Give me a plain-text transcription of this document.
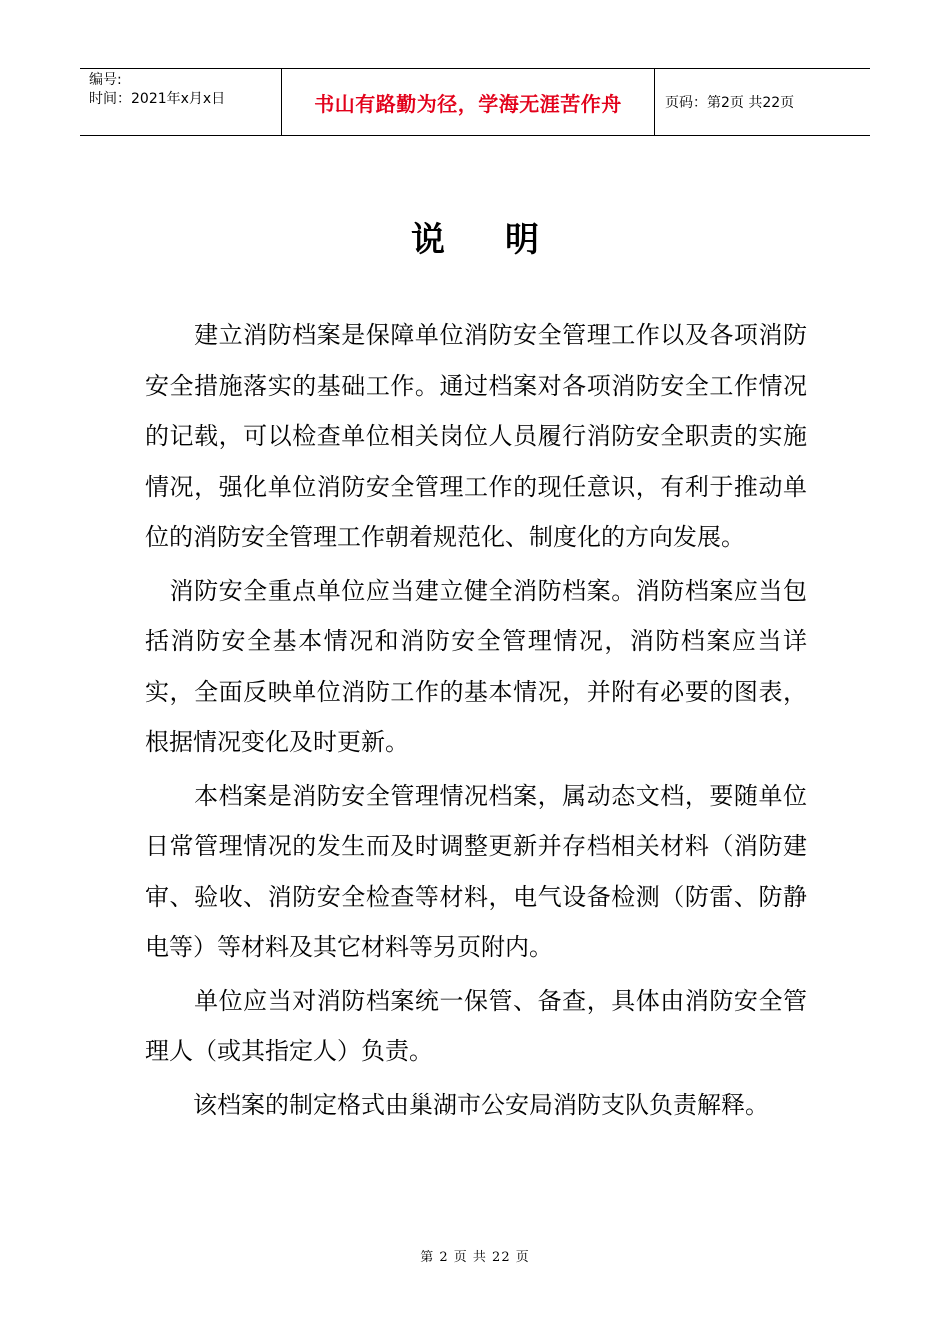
编号:
时间：2021年x月x日	书山有路勤为径，学海无涯苦作舟	页码：第2页 共22页
说明

　　建立消防档案是保障单位消防安全管理工作以及各项消防安全措施落实的基础工作。通过档案对各项消防安全工作情况的记载，可以检查单位相关岗位人员履行消防安全职责的实施情况，强化单位消防安全管理工作的现任意识，有利于推动单位的消防安全管理工作朝着规范化、制度化的方向发展。

　消防安全重点单位应当建立健全消防档案。消防档案应当包括消防安全基本情况和消防安全管理情况，消防档案应当详实，全面反映单位消防工作的基本情况，并附有必要的图表，根据情况变化及时更新。

　　本档案是消防安全管理情况档案，属动态文档，要随单位日常管理情况的发生而及时调整更新并存档相关材料（消防建审、验收、消防安全检查等材料，电气设备检测（防雷、防静电等）等材料及其它材料等另页附内。

　　单位应当对消防档案统一保管、备查，具体由消防安全管理人（或其指定人）负责。

　　该档案的制定格式由巢湖市公安局消防支队负责解释。

第 2 页 共 22 页
